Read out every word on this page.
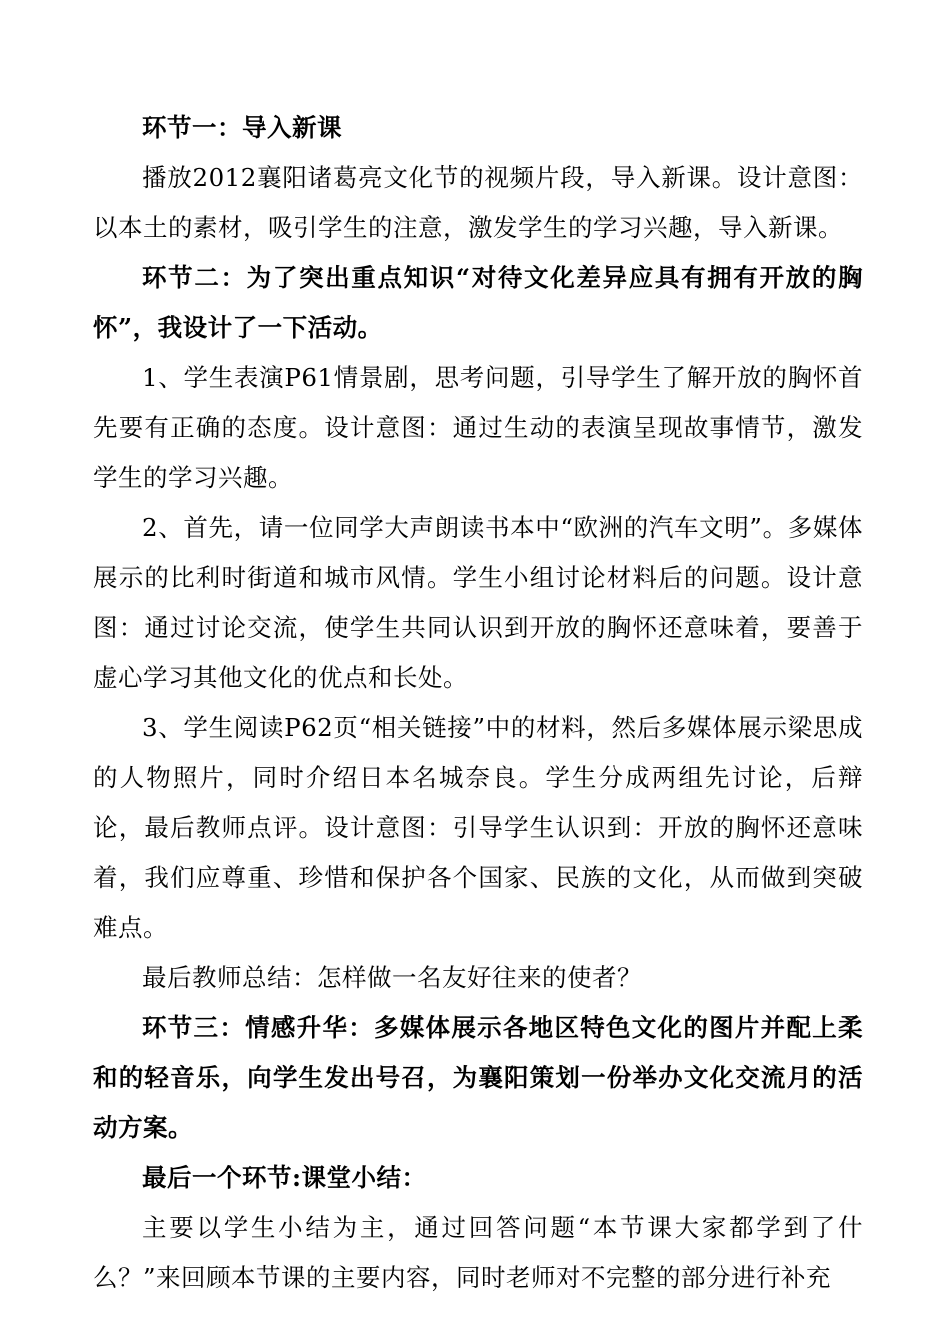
环节一：导入新课

播放2012襄阳诸葛亮文化节的视频片段，导入新课。设计意图：以本土的素材，吸引学生的注意，激发学生的学习兴趣，导入新课。

环节二：为了突出重点知识“对待文化差异应具有拥有开放的胸怀”，我设计了一下活动。

1、学生表演P61情景剧，思考问题，引导学生了解开放的胸怀首先要有正确的态度。设计意图：通过生动的表演呈现故事情节，激发学生的学习兴趣。

2、首先，请一位同学大声朗读书本中“欧洲的汽车文明”。多媒体展示的比利时街道和城市风情。学生小组讨论材料后的问题。设计意图：通过讨论交流，使学生共同认识到开放的胸怀还意味着，要善于虚心学习其他文化的优点和长处。

3、学生阅读P62页“相关链接”中的材料，然后多媒体展示梁思成的人物照片，同时介绍日本名城奈良。学生分成两组先讨论，后辩论，最后教师点评。设计意图：引导学生认识到：开放的胸怀还意味着，我们应尊重、珍惜和保护各个国家、民族的文化，从而做到突破难点。

最后教师总结：怎样做一名友好往来的使者？

环节三：情感升华：多媒体展示各地区特色文化的图片并配上柔和的轻音乐，向学生发出号召，为襄阳策划一份举办文化交流月的活动方案。

最后一个环节:课堂小结：

主要以学生小结为主，通过回答问题“本节课大家都学到了什么？”来回顾本节课的主要内容，同时老师对不完整的部分进行补充
